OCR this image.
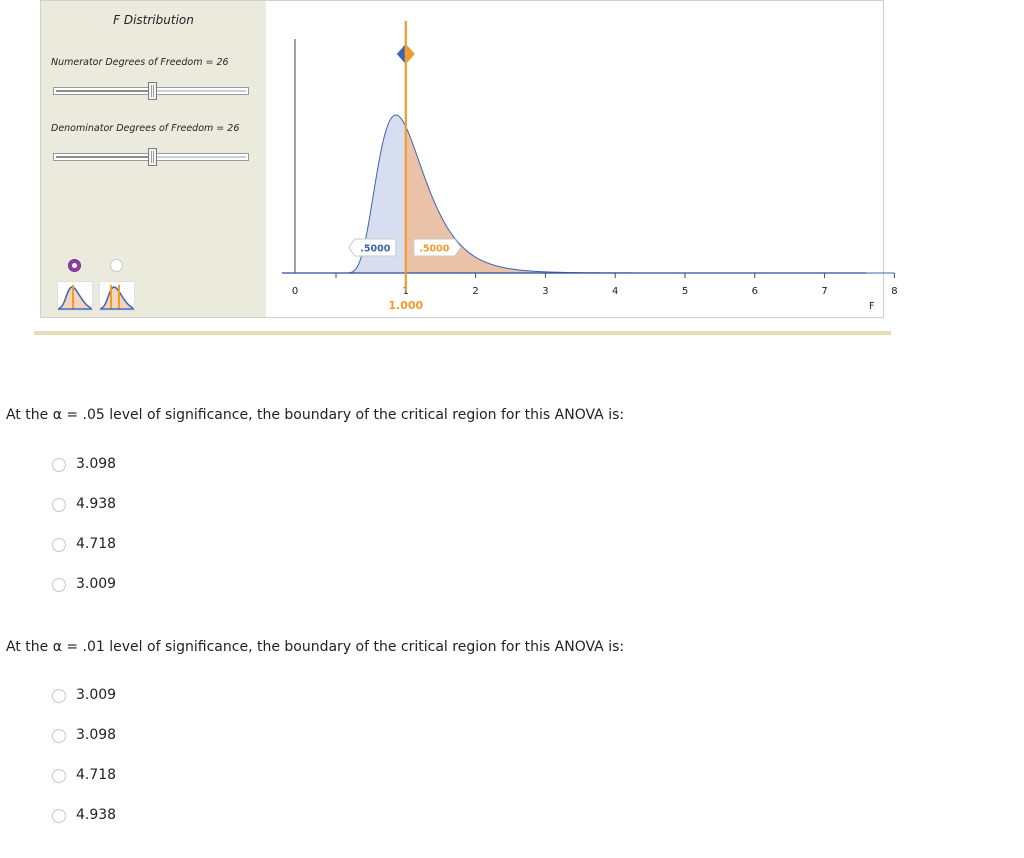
F Distribution
Numerator Degrees of Freedom = 26
Denominator Degrees of Freedom = 26
0	1	2	3	4	5	6	7	8
F
.5000	.5000
1.000
At the α = .05 level of significance, the boundary of the critical region for this ANOVA is:
3.098
4.938
4.718
3.009
At the α = .01 level of significance, the boundary of the critical region for this ANOVA is:
3.009
3.098
4.718
4.938
